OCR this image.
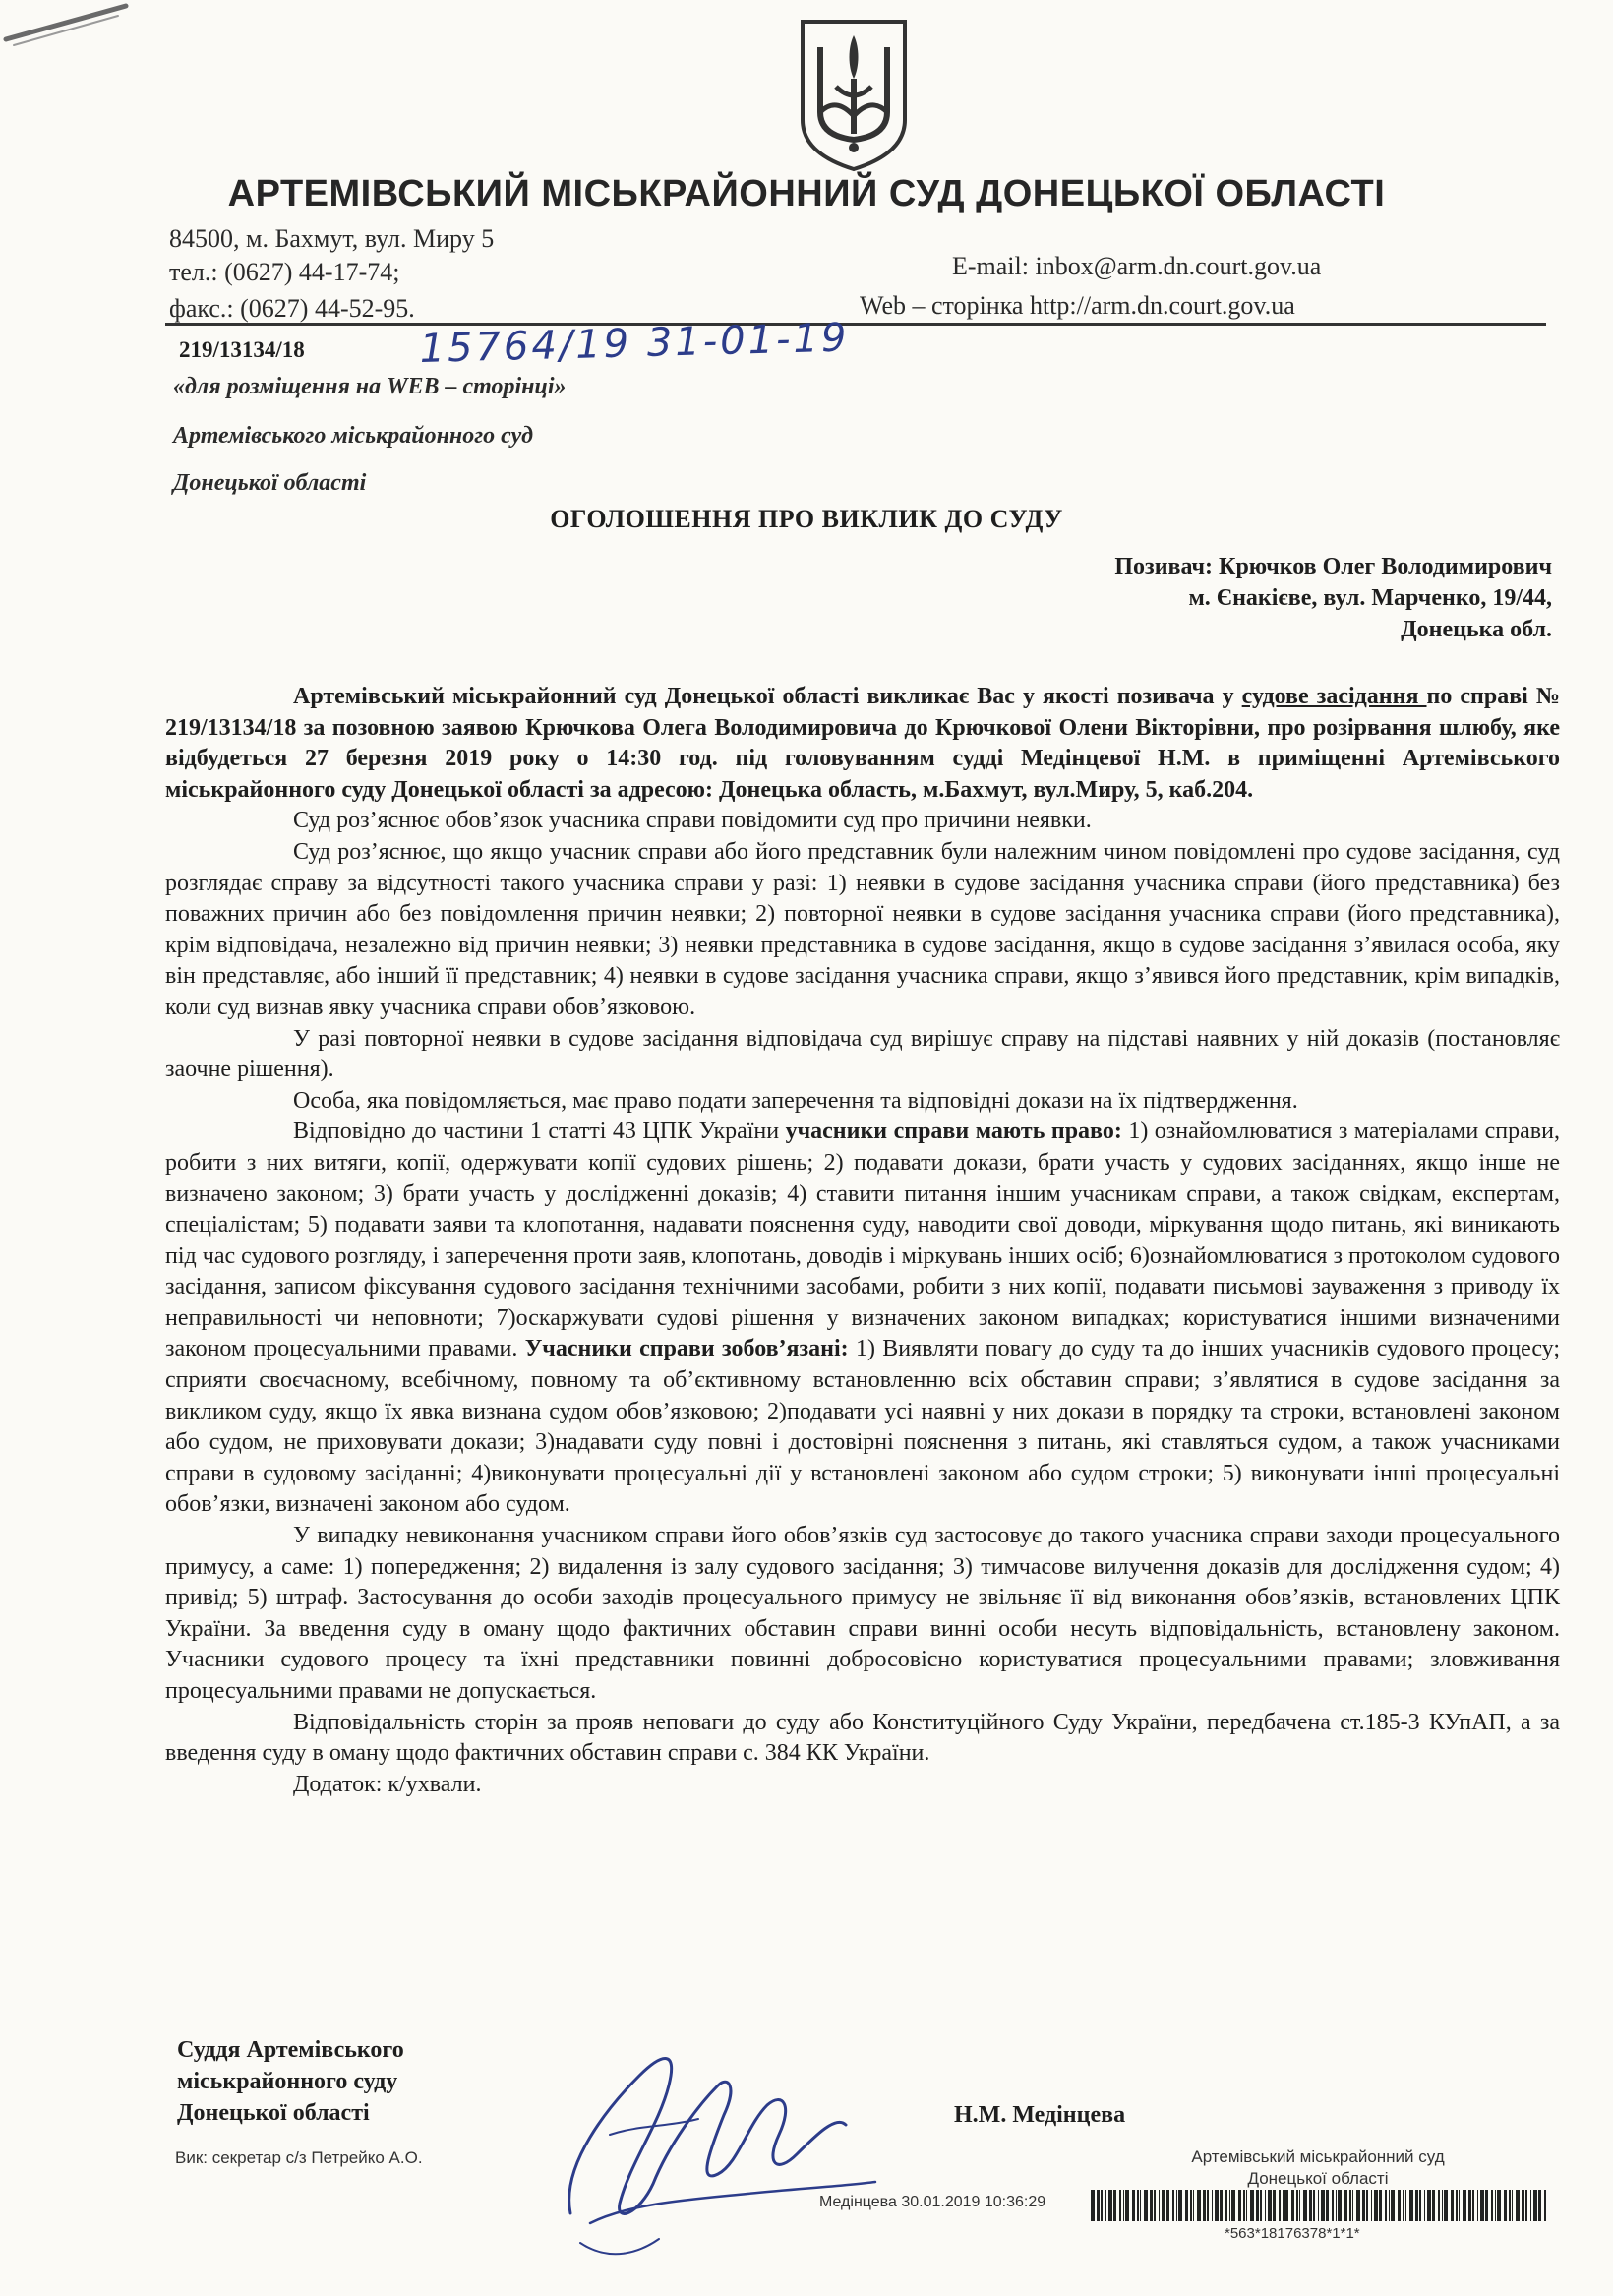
АРТЕМІВСЬКИЙ МІСЬКРАЙОННИЙ СУД ДОНЕЦЬКОЇ ОБЛАСТІ
84500, м. Бахмут, вул. Миру 5
тел.: (0627) 44-17-74;
факс.: (0627) 44-52-95.
E-mail: inbox@arm.dn.court.gov.ua
Web – сторінка http://arm.dn.court.gov.ua
219/13134/18	15764/19 31-01-19
«для розміщення на WEB – сторінці»
Артемівського міськрайонного суд
Донецької області
ОГОЛОШЕННЯ ПРО ВИКЛИК ДО СУДУ
Позивач: Крючков Олег Володимирович
м. Єнакієве, вул. Марченко, 19/44,
Донецька обл.

Артемівський міськрайонний суд Донецької області викликає Вас у якості позивача у судове засідання по справі № 219/13134/18 за позовною заявою Крючкова Олега Володимировича до Крючкової Олени Вікторівни, про розірвання шлюбу, яке відбудеться 27 березня 2019 року о 14:30 год. під головуванням судді Медінцевої Н.М. в приміщенні Артемівського міськрайонного суду Донецької області за адресою: Донецька область, м.Бахмут, вул.Миру, 5, каб.204.

Суд роз’яснює обов’язок учасника справи повідомити суд про причини неявки.

Суд роз’яснює, що якщо учасник справи або його представник були належним чином повідомлені про судове засідання, суд розглядає справу за відсутності такого учасника справи у разі: 1) неявки в судове засідання учасника справи (його представника) без поважних причин або без повідомлення причин неявки; 2) повторної неявки в судове засідання учасника справи (його представника), крім відповідача, незалежно від причин неявки; 3) неявки представника в судове засідання, якщо в судове засідання з’явилася особа, яку він представляє, або інший її представник; 4) неявки в судове засідання учасника справи, якщо з’явився його представник, крім випадків, коли суд визнав явку учасника справи обов’язковою.

У разі повторної неявки в судове засідання відповідача суд вирішує справу на підставі наявних у ній доказів (постановляє заочне рішення).

Особа, яка повідомляється, має право подати заперечення та відповідні докази на їх підтвердження.

Відповідно до частини 1 статті 43 ЦПК України учасники справи мають право: 1) ознайомлюватися з матеріалами справи, робити з них витяги, копії, одержувати копії судових рішень; 2) подавати докази, брати участь у судових засіданнях, якщо інше не визначено законом; 3) брати участь у дослідженні доказів; 4) ставити питання іншим учасникам справи, а також свідкам, експертам, спеціалістам; 5) подавати заяви та клопотання, надавати пояснення суду, наводити свої доводи, міркування щодо питань, які виникають під час судового розгляду, і заперечення проти заяв, клопотань, доводів і міркувань інших осіб; 6)ознайомлюватися з протоколом судового засідання, записом фіксування судового засідання технічними засобами, робити з них копії, подавати письмові зауваження з приводу їх неправильності чи неповноти; 7)оскаржувати судові рішення у визначених законом випадках; користуватися іншими визначеними законом процесуальними правами. Учасники справи зобов’язані: 1) Виявляти повагу до суду та до інших учасників судового процесу; сприяти своєчасному, всебічному, повному та об’єктивному встановленню всіх обставин справи; з’являтися в судове засідання за викликом суду, якщо їх явка визнана судом обов’язковою; 2)подавати усі наявні у них докази в порядку та строки, встановлені законом або судом, не приховувати докази; 3)надавати суду повні і достовірні пояснення з питань, які ставляться судом, а також учасниками справи в судовому засіданні; 4)виконувати процесуальні дії у встановлені законом або судом строки; 5) виконувати інші процесуальні обов’язки, визначені законом або судом.

У випадку невиконання учасником справи його обов’язків суд застосовує до такого учасника справи заходи процесуального примусу, а саме: 1) попередження; 2) видалення із залу судового засідання; 3) тимчасове вилучення доказів для дослідження судом; 4) привід; 5) штраф. Застосування до особи заходів процесуального примусу не звільняє її від виконання обов’язків, встановлених ЦПК України. За введення суду в оману щодо фактичних обставин справи винні особи несуть відповідальність, встановлену законом. Учасники судового процесу та їхні представники повинні добросовісно користуватися процесуальними правами; зловживання процесуальними правами не допускається.

Відповідальність сторін за прояв неповаги до суду або Конституційного Суду України, передбачена ст.185-3 КУпАП, а за введення суду в оману щодо фактичних обставин справи с. 384 КК України.

Додаток: к/ухвали.

Суддя Артемівського
міськрайонного суду
Донецької області	Н.М. Медінцева
Вик: секретар с/з Петрейко А.О.	Артемівський міськрайонний суд
Донецької області
Медінцева 30.01.2019 10:36:29
*563*18176378*1*1*
